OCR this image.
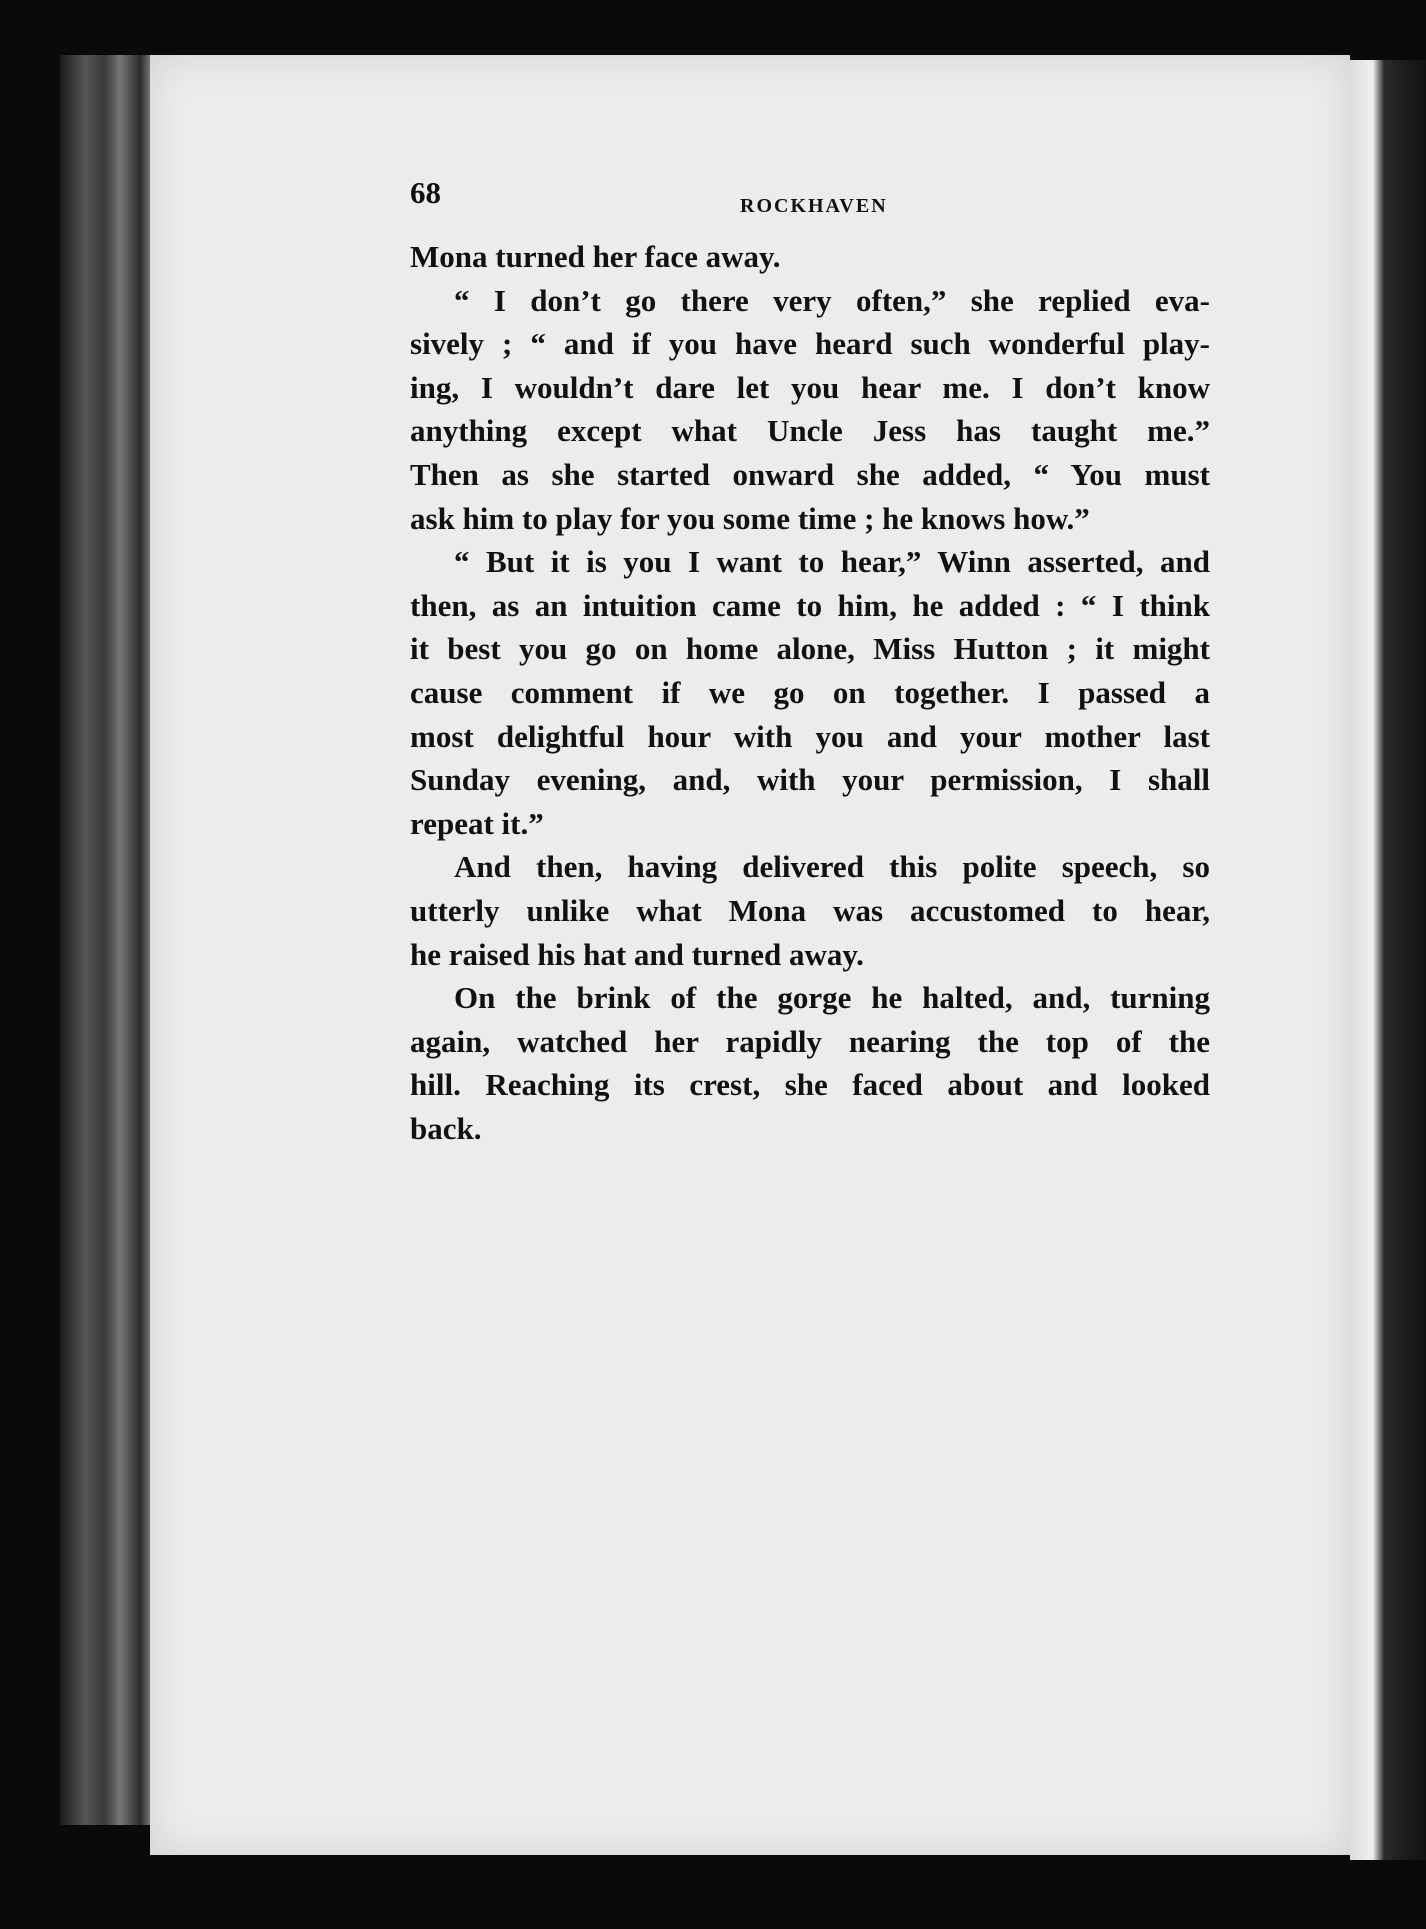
68	ROCKHAVEN

Mona turned her face away.

“ I don’t go there very often,” she replied eva-
sively ; “ and if you have heard such wonderful play-
ing, I wouldn’t dare let you hear me. I don’t know
anything except what Uncle Jess has taught me.”
Then as she started onward she added, “ You must
ask him to play for you some time ; he knows how.”

“ But it is you I want to hear,” Winn asserted, and
then, as an intuition came to him, he added : “ I think
it best you go on home alone, Miss Hutton ; it might
cause comment if we go on together. I passed a
most delightful hour with you and your mother last
Sunday evening, and, with your permission, I shall
repeat it.”

And then, having delivered this polite speech, so
utterly unlike what Mona was accustomed to hear,
he raised his hat and turned away.

On the brink of the gorge he halted, and, turning
again, watched her rapidly nearing the top of the
hill. Reaching its crest, she faced about and looked
back.
